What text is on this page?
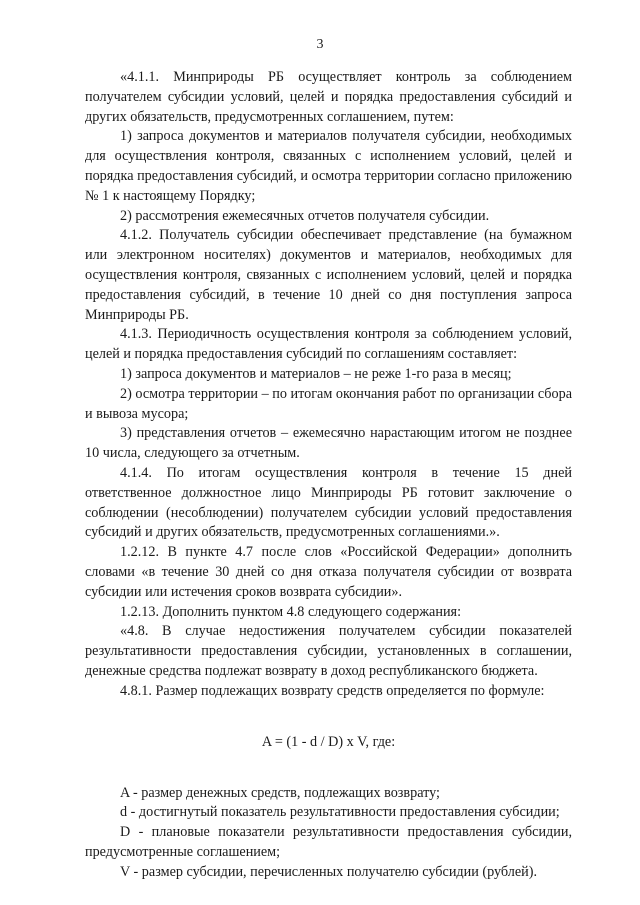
3

«4.1.1. Минприроды РБ осуществляет контроль за соблюдением получателем субсидии условий, целей и порядка предоставления субсидий и других обязательств, предусмотренных соглашением, путем:

1) запроса документов и материалов получателя субсидии, необходимых для осуществления контроля, связанных с исполнением условий, целей и порядка предоставления субсидий, и осмотра территории согласно приложению № 1 к настоящему Порядку;

2) рассмотрения ежемесячных отчетов получателя субсидии.

4.1.2. Получатель субсидии обеспечивает представление (на бумажном или электронном носителях) документов и материалов, необходимых для осуществления контроля, связанных с исполнением условий, целей и порядка предоставления субсидий, в течение 10 дней со дня поступления запроса Минприроды РБ.

4.1.3. Периодичность осуществления контроля за соблюдением условий, целей и порядка предоставления субсидий по соглашениям составляет:

1) запроса документов и материалов – не реже 1-го раза в месяц;

2) осмотра территории – по итогам окончания работ по организации сбора и вывоза мусора;

3) представления отчетов – ежемесячно нарастающим итогом не позднее 10 числа, следующего за отчетным.

4.1.4. По итогам осуществления контроля в течение 15 дней ответственное должностное лицо Минприроды РБ готовит заключение о соблюдении (несоблюдении) получателем субсидии условий предоставления субсидий и других обязательств, предусмотренных соглашениями.».

1.2.12. В пункте 4.7 после слов «Российской Федерации» дополнить словами «в течение 30 дней со дня отказа получателя субсидии от возврата субсидии или истечения сроков возврата субсидии».

1.2.13. Дополнить пунктом 4.8 следующего содержания:

«4.8. В случае недостижения получателем субсидии показателей результативности предоставления субсидии, установленных в соглашении, денежные средства подлежат возврату в доход республиканского бюджета.

4.8.1. Размер подлежащих возврату средств определяется по формуле:

A = (1 - d / D) x V, где:

A - размер денежных средств, подлежащих возврату;

d - достигнутый показатель результативности предоставления субсидии;

D - плановые показатели результативности предоставления субсидии, предусмотренные соглашением;

V - размер субсидии, перечисленных получателю субсидии (рублей).
